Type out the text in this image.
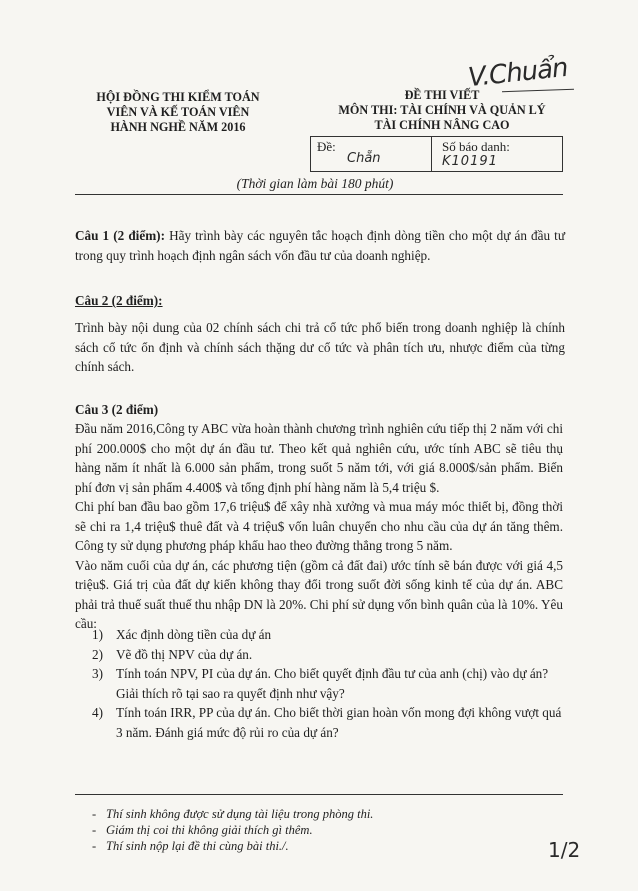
HỘI ĐỒNG THI KIỂM TOÁN
VIÊN VÀ KẾ TOÁN VIÊN
HÀNH NGHỀ NĂM 2016
V.Chuẩn
ĐỀ THI VIẾT
MÔN THI: TÀI CHÍNH VÀ QUẢN LÝ
TÀI CHÍNH NÂNG CAO
Đề:
Chẵn
Số báo danh:
K10191
(Thời gian làm bài 180 phút)
Câu 1 (2 điểm): Hãy trình bày các nguyên tắc hoạch định dòng tiền cho một dự án đầu tư trong quy trình hoạch định ngân sách vốn đầu tư của doanh nghiệp.
Câu 2 (2 điểm):
Trình bày nội dung của 02 chính sách chi trả cổ tức phổ biến trong doanh nghiệp là chính sách cổ tức ổn định và chính sách thặng dư cổ tức và phân tích ưu, nhược điểm của từng chính sách.
Câu 3 (2 điểm)
Đầu năm 2016,Công ty ABC vừa hoàn thành chương trình nghiên cứu tiếp thị 2 năm với chi phí 200.000$ cho một dự án đầu tư. Theo kết quả nghiên cứu, ước tính ABC sẽ tiêu thụ hàng năm ít nhất là 6.000 sản phẩm, trong suốt 5 năm tới, với giá 8.000$/sản phẩm. Biến phí đơn vị sản phẩm 4.400$ và tổng định phí hàng năm là 5,4 triệu $.
Chi phí ban đầu bao gồm 17,6 triệu$ để xây nhà xưởng và mua máy móc thiết bị, đồng thời sẽ chi ra 1,4 triệu$ thuê đất và 4 triệu$ vốn luân chuyển cho nhu cầu của dự án tăng thêm. Công ty sử dụng phương pháp khấu hao theo đường thẳng trong 5 năm.
Vào năm cuối của dự án, các phương tiện (gồm cả đất đai) ước tính sẽ bán được với giá 4,5 triệu$. Giá trị của đất dự kiến không thay đổi trong suốt đời sống kinh tế của dự án. ABC phải trả thuế suất thuế thu nhập DN là 20%. Chi phí sử dụng vốn bình quân của là 10%. Yêu cầu:
1) Xác định dòng tiền của dự án
2) Vẽ đồ thị NPV của dự án.
3) Tính toán NPV, PI của dự án. Cho biết quyết định đầu tư của anh (chị) vào dự án? Giải thích rõ tại sao ra quyết định như vậy?
4) Tính toán IRR, PP của dự án. Cho biết thời gian hoàn vốn mong đợi không vượt quá 3 năm. Đánh giá mức độ rủi ro của dự án?
- Thí sinh không được sử dụng tài liệu trong phòng thi.
- Giám thị coi thi không giải thích gì thêm.
- Thí sinh nộp lại đề thi cùng bài thi./.	1/2
